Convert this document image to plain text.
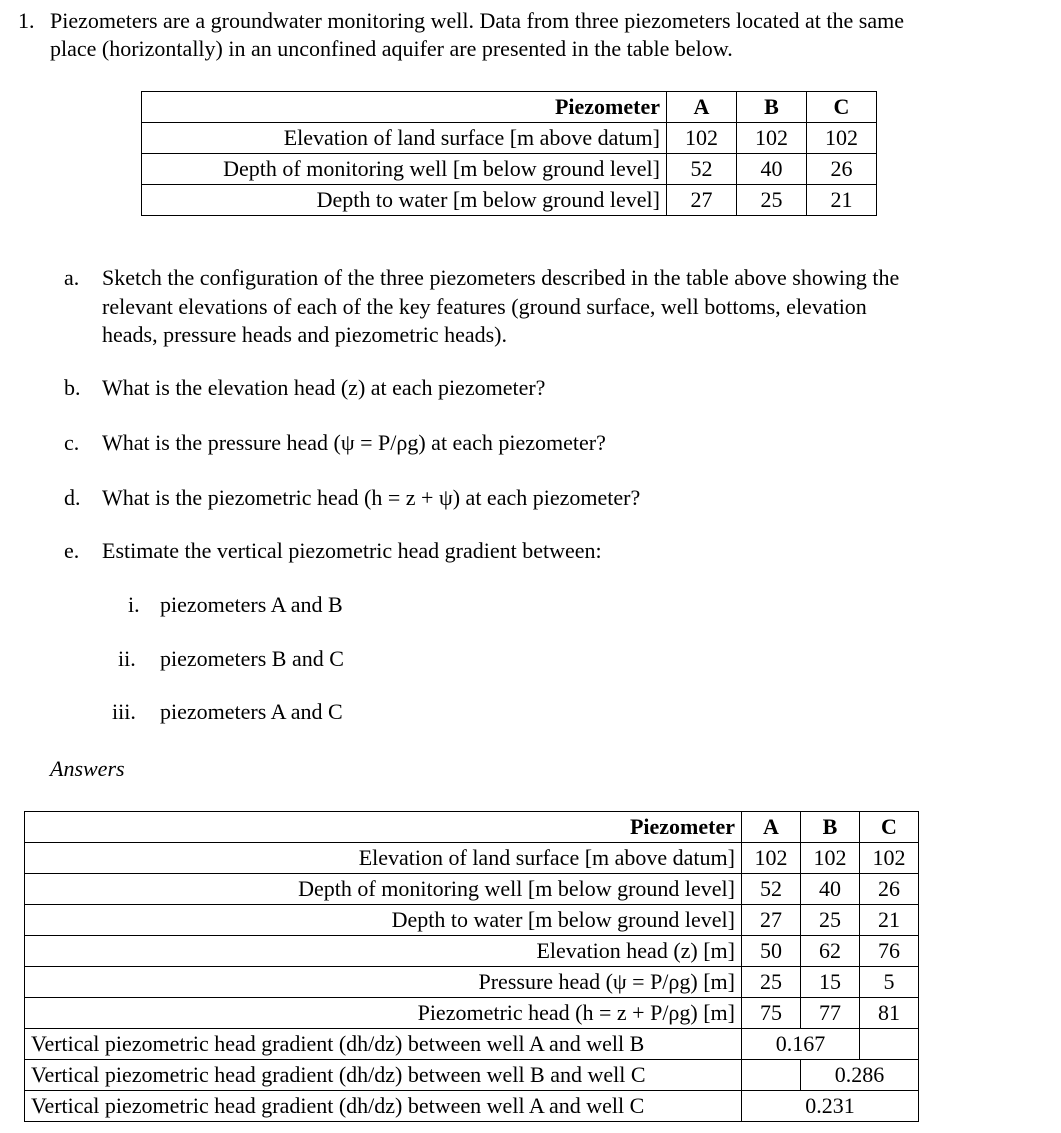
1. Piezometers are a groundwater monitoring well. Data from three piezometers located at the same
place (horizontally) in an unconfined aquifer are presented in the table below.
Piezometer	A	B	C
Elevation of land surface [m above datum]	102	102	102
Depth of monitoring well [m below ground level]	52	40	26
Depth to water [m below ground level]	27	25	21
a. Sketch the configuration of the three piezometers described in the table above showing the
relevant elevations of each of the key features (ground surface, well bottoms, elevation
heads, pressure heads and piezometric heads).
b. What is the elevation head (z) at each piezometer?
c. What is the pressure head (ψ = P/ρg) at each piezometer?
d. What is the piezometric head (h = z + ψ) at each piezometer?
e. Estimate the vertical piezometric head gradient between:
i. piezometers A and B
ii. piezometers B and C
iii. piezometers A and C
Answers
Piezometer	A	B	C
Elevation of land surface [m above datum]	102	102	102
Depth of monitoring well [m below ground level]	52	40	26
Depth to water [m below ground level]	27	25	21
Elevation head (z) [m]	50	62	76
Pressure head (ψ = P/ρg) [m]	25	15	5
Piezometric head (h = z + P/ρg) [m]	75	77	81
Vertical piezometric head gradient (dh/dz) between well A and well B	0.167		
Vertical piezometric head gradient (dh/dz) between well B and well C		0.286	
Vertical piezometric head gradient (dh/dz) between well A and well C	0.231		
